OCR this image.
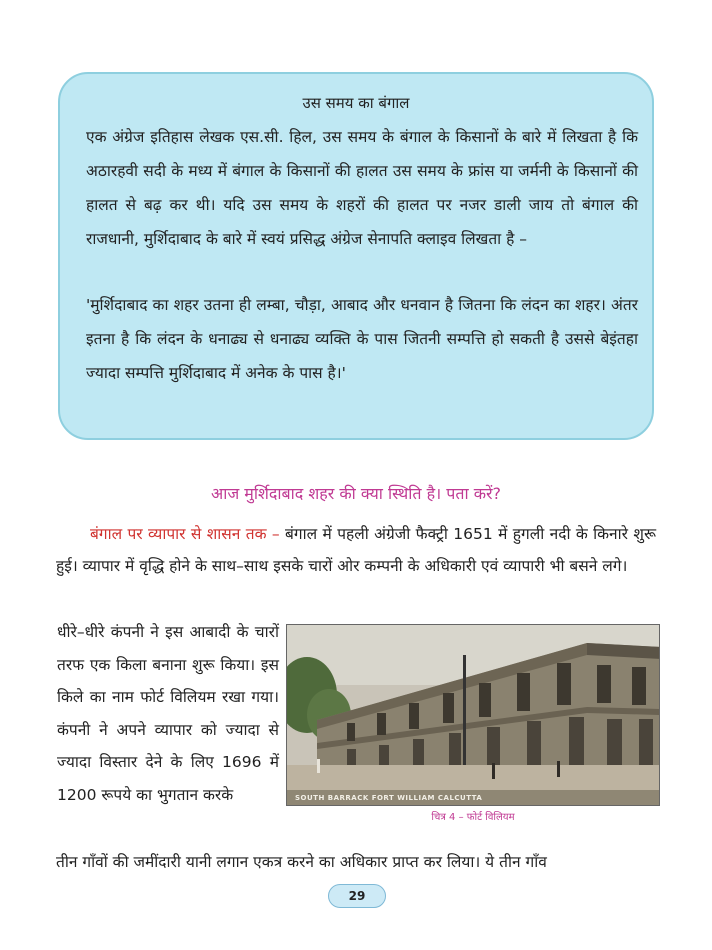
उस समय का बंगाल
एक अंग्रेज इतिहास लेखक एस.सी. हिल, उस समय के बंगाल के किसानों के बारे में लिखता है कि अठारहवी सदी के मध्य में बंगाल के किसानों की हालत उस समय के फ्रांस या जर्मनी के किसानों की हालत से बढ़ कर थी। यदि उस समय के शहरों की हालत पर नजर डाली जाय तो बंगाल की राजधानी, मुर्शिदाबाद के बारे में स्वयं प्रसिद्ध अंग्रेज सेनापति क्लाइव लिखता है –
'मुर्शिदाबाद का शहर उतना ही लम्बा, चौड़ा, आबाद और धनवान है जितना कि लंदन का शहर। अंतर इतना है कि लंदन के धनाढ्य से धनाढ्य व्यक्ति के पास जितनी सम्पत्ति हो सकती है उससे बेइंतहा ज्यादा सम्पत्ति मुर्शिदाबाद में अनेक के पास है।'
आज मुर्शिदाबाद शहर की क्या स्थिति है। पता करें?
बंगाल पर व्यापार से शासन तक – बंगाल में पहली अंग्रेजी फैक्ट्री 1651 में हुगली नदी के किनारे शुरू हुई। व्यापार में वृद्धि होने के साथ–साथ इसके चारों ओर कम्पनी के अधिकारी एवं व्यापारी भी बसने लगे।
धीरे–धीरे कंपनी ने इस आबादी के चारों तरफ एक किला बनाना शुरू किया। इस किले का नाम फोर्ट विलियम रखा गया। कंपनी ने अपने व्यापार को ज्यादा से ज्यादा विस्तार देने के लिए 1696 में 1200 रूपये का भुगतान करके	SOUTH BARRACK FORT WILLIAM CALCUTTA
चित्र 4 – फोर्ट विलियम
तीन गाँवों की जमींदारी यानी लगान एकत्र करने का अधिकार प्राप्त कर लिया। ये तीन गाँव
29
